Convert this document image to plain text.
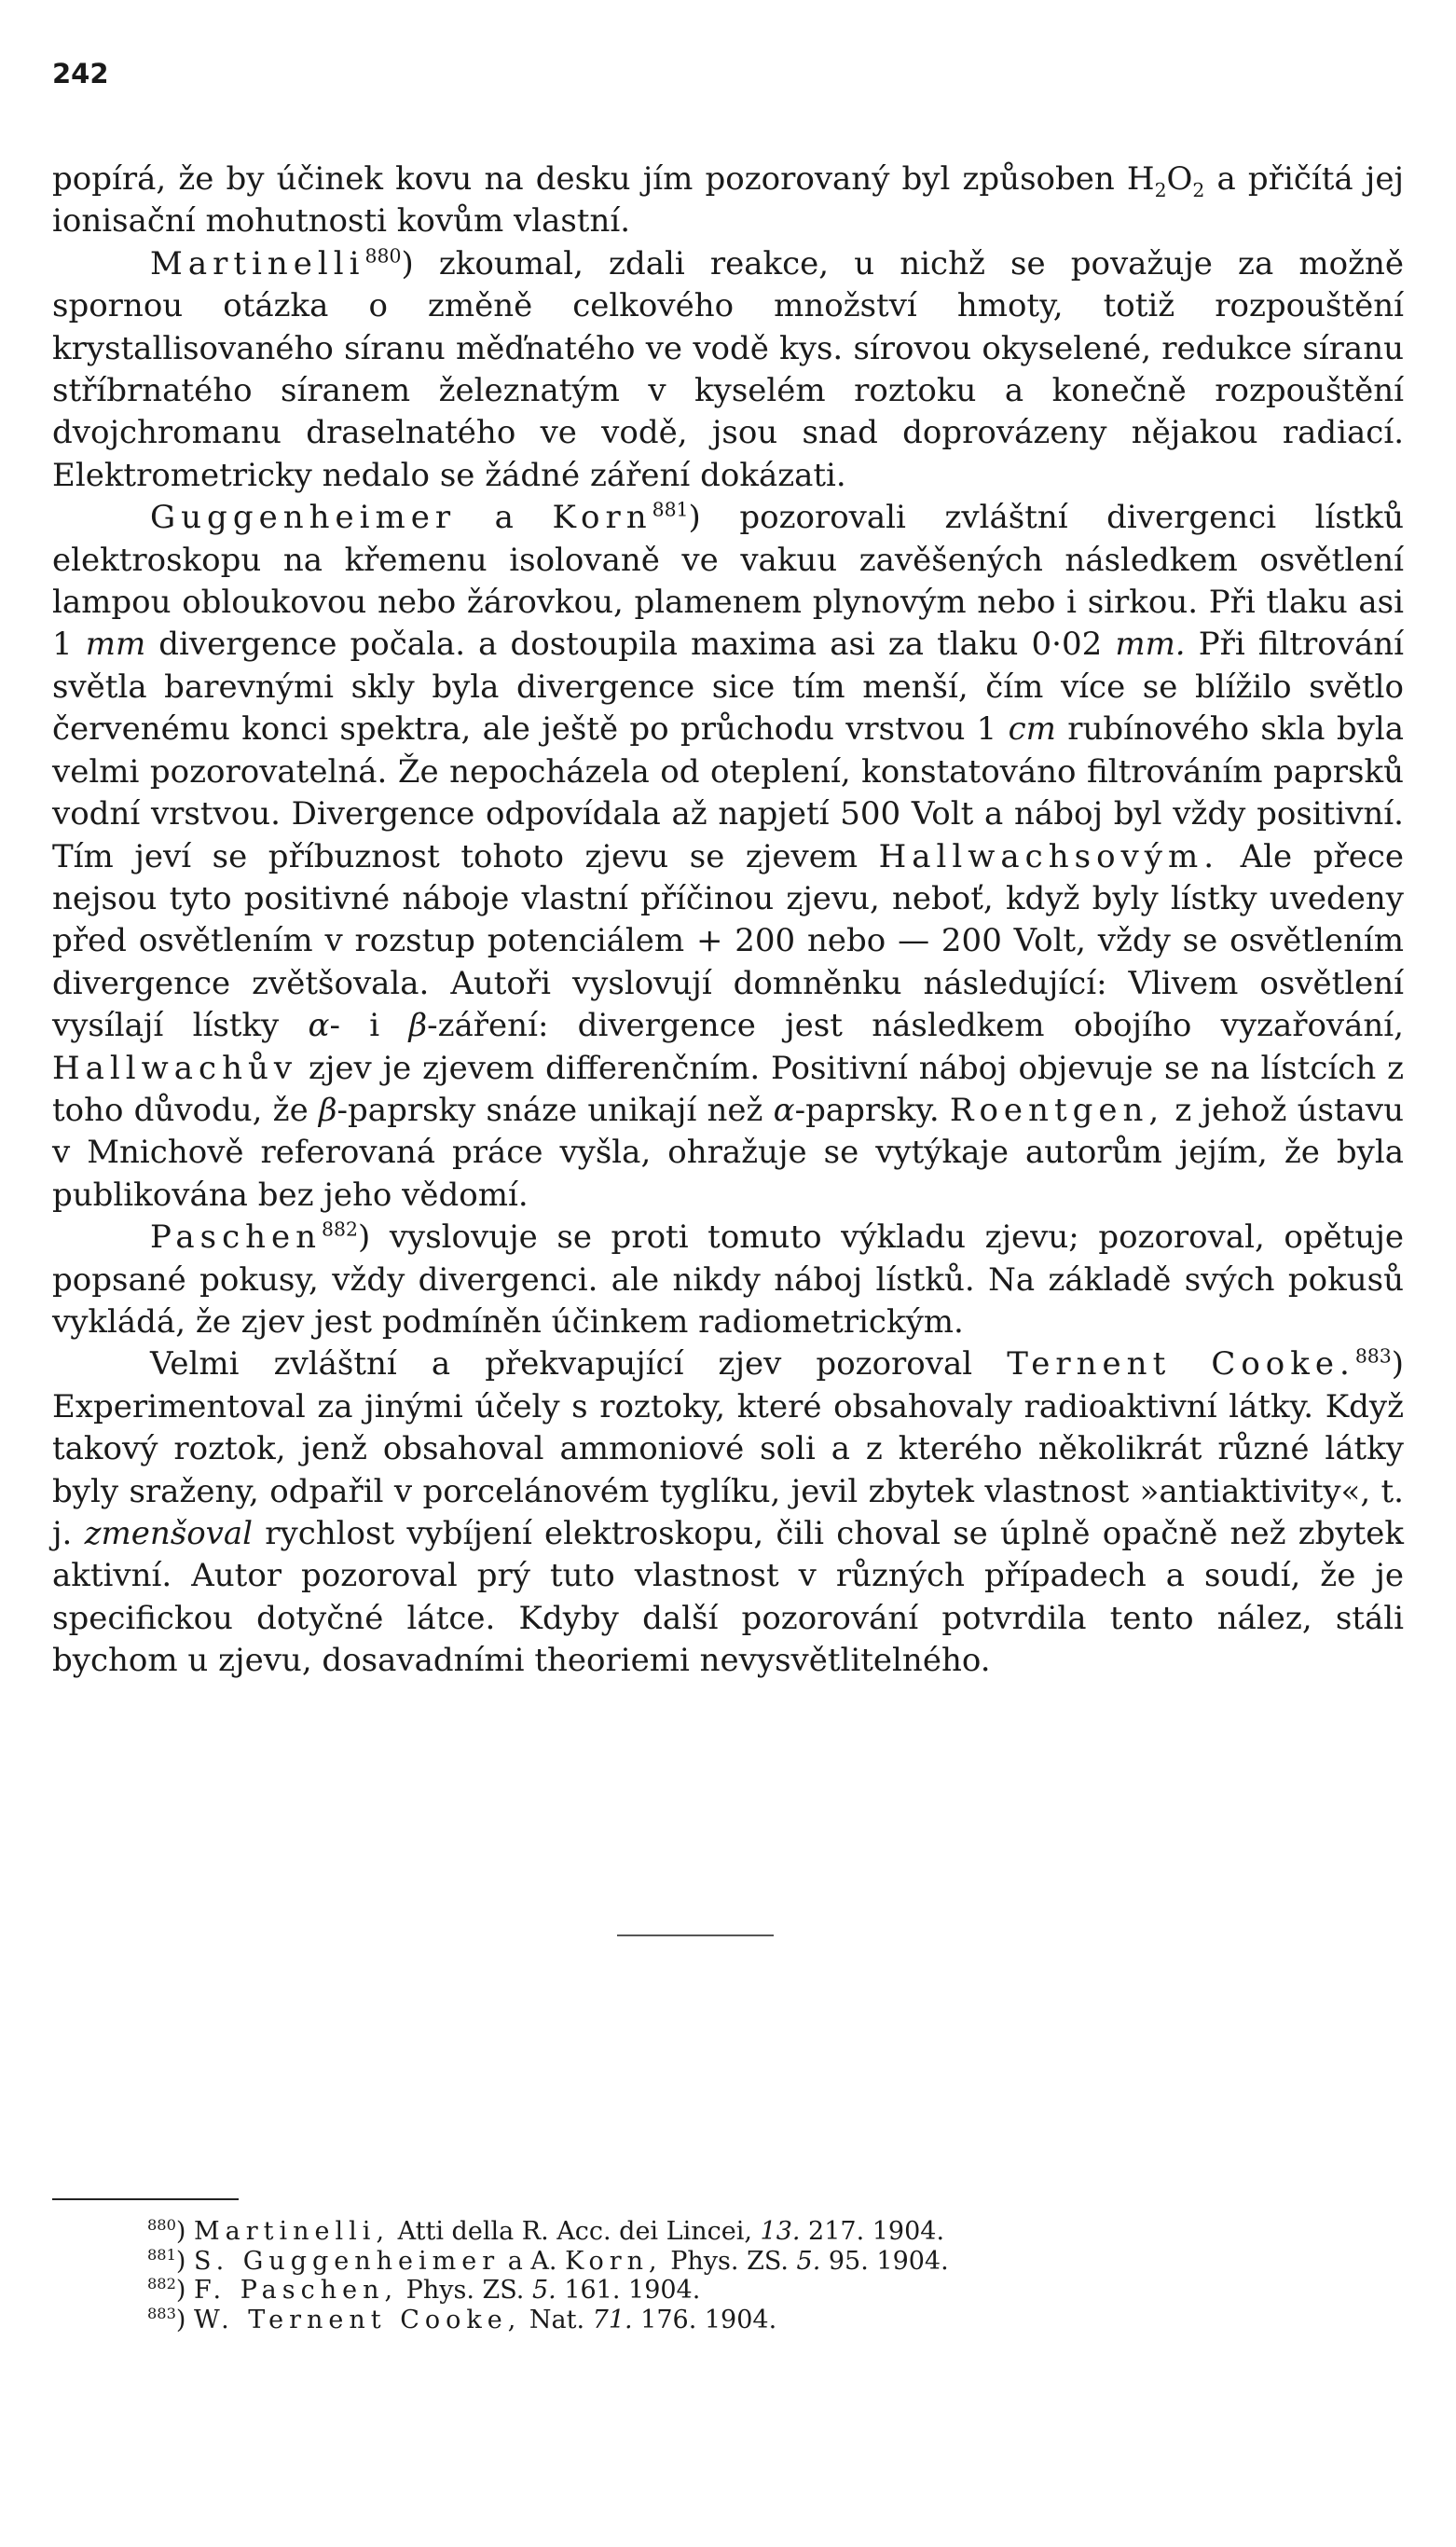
242

popírá, že by účinek kovu na desku jím pozorovaný byl způsoben $H_2O_2$ a přičítá jej ionisační mohutnosti kovům vlastní.

Martinelli$^{880}$) zkoumal, zdali reakce, u nichž se považuje za možně spornou otázka o změně celkového množství hmoty, totiž rozpouštění krystallisovaného síranu měďnatého ve vodě kys. sírovou okyselené, redukce síranu stříbrnatého síranem železnatým v kyselém roztoku a konečně rozpouštění dvojchromanu draselnatého ve vodě, jsou snad doprovázeny nějakou radiací. Elektrometricky nedalo se žádné záření dokázati.

Guggenheimer a Korn$^{881}$) pozorovali zvláštní divergenci lístků elektroskopu na křemenu isolovaně ve vakuu zavěšených následkem osvětlení lampou obloukovou nebo žárovkou, plamenem plynovým nebo i sirkou. Při tlaku asi 1 mm divergence počala. a dostoupila maxima asi za tlaku 0·02 mm. Při filtrování světla barevnými skly byla divergence sice tím menší, čím více se blížilo světlo červenému konci spektra, ale ještě po průchodu vrstvou 1 cm rubínového skla byla velmi pozorovatelná. Že nepocházela od oteplení, konstatováno filtrováním paprsků vodní vrstvou. Divergence odpovídala až napjetí 500 Volt a náboj byl vždy positivní. Tím jeví se příbuznost tohoto zjevu se zjevem Hallwachsovým. Ale přece nejsou tyto positivné náboje vlastní příčinou zjevu, neboť, když byly lístky uvedeny před osvětlením v rozstup potenciálem + 200 nebo — 200 Volt, vždy se osvětlením divergence zvětšovala. Autoři vyslovují domněnku následující: Vlivem osvětlení vysílají lístky α- i β-záření: divergence jest následkem obojího vyzařování, Hallwachův zjev je zjevem differenčním. Positivní náboj objevuje se na lístcích z toho důvodu, že β-paprsky snáze unikají než α-paprsky. Roentgen, z jehož ústavu v Mnichově referovaná práce vyšla, ohražuje se vytýkaje autorům jejím, že byla publikována bez jeho vědomí.

Paschen$^{882}$) vyslovuje se proti tomuto výkladu zjevu; pozoroval, opětuje popsané pokusy, vždy divergenci. ale nikdy náboj lístků. Na základě svých pokusů vykládá, že zjev jest podmíněn účinkem radiometrickým.

Velmi zvláštní a překvapující zjev pozoroval Ternent Cooke.$^{883}$) Experimentoval za jinými účely s roztoky, které obsahovaly radioaktivní látky. Když takový roztok, jenž obsahoval ammoniové soli a z kterého několikrát různé látky byly sraženy, odpařil v porcelánovém tyglíku, jevil zbytek vlastnost »antiaktivity«, t. j. zmenšoval rychlost vybíjení elektroskopu, čili choval se úplně opačně než zbytek aktivní. Autor pozoroval prý tuto vlastnost v různých případech a soudí, že je specifickou dotyčné látce. Kdyby další pozorování potvrdila tento nález, stáli bychom u zjevu, dosavadními theoriemi nevysvětlitelného.

$^{880}$) Martinelli, Atti della R. Acc. dei Lincei, 13. 217. 1904.
$^{881}$) S. Guggenheimer a A. Korn, Phys. ZS. 5. 95. 1904.
$^{882}$) F. Paschen, Phys. ZS. 5. 161. 1904.
$^{883}$) W. Ternent Cooke, Nat. 71. 176. 1904.
